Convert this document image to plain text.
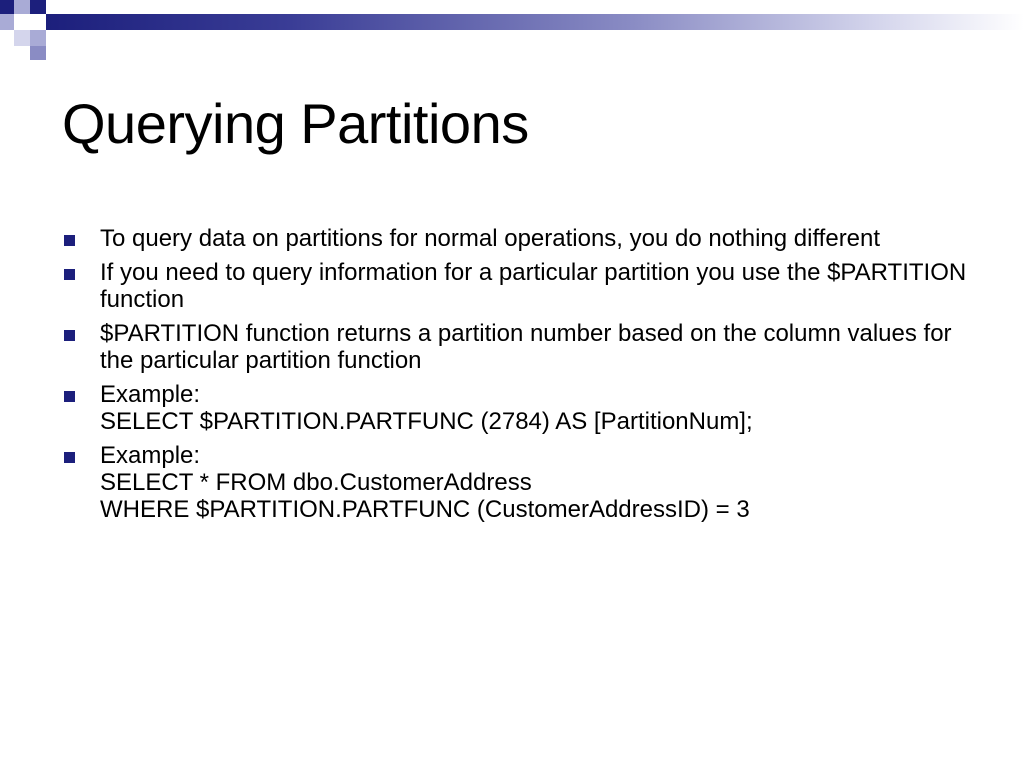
Querying Partitions
To query data on partitions for normal operations, you do nothing different
If you need to query information for a particular partition you use the $PARTITION function
$PARTITION function returns a partition number based on the column values for the particular partition function
Example:
SELECT $PARTITION.PARTFUNC (2784) AS [PartitionNum];
Example:
SELECT * FROM dbo.CustomerAddress
WHERE $PARTITION.PARTFUNC (CustomerAddressID) = 3
